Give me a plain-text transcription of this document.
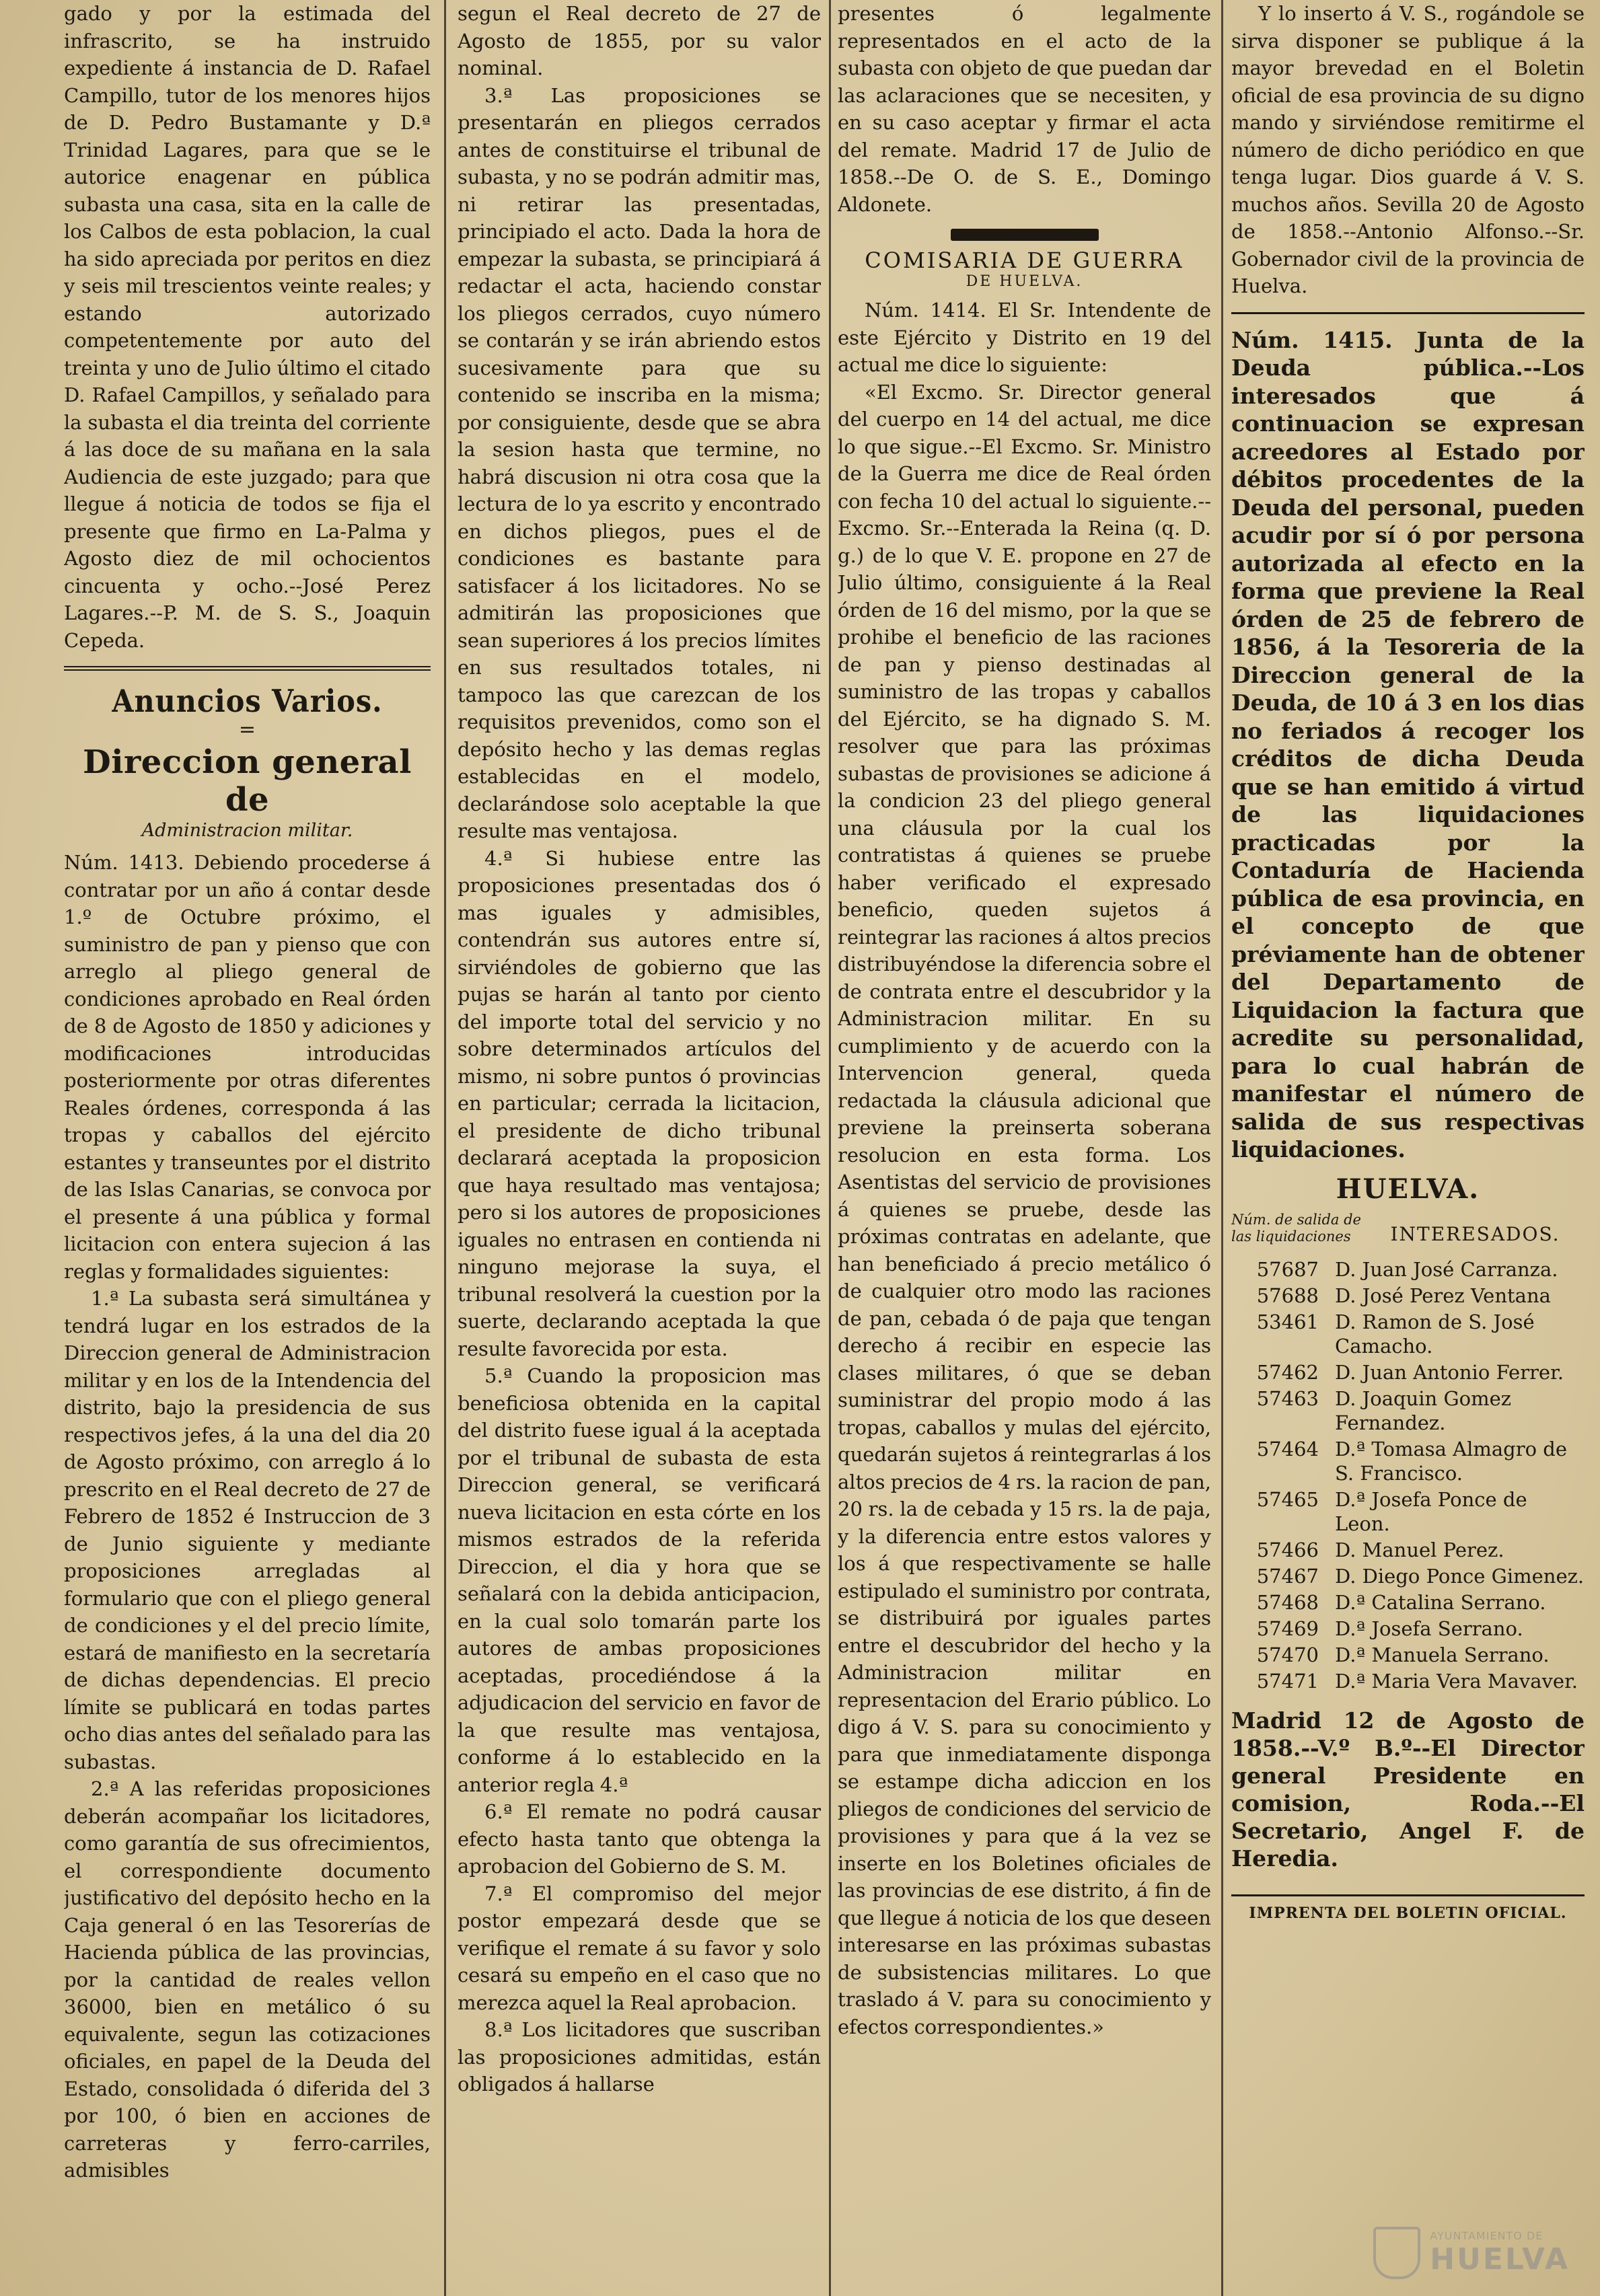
gado y por la estimada del infrascrito, se ha instruido expediente á instancia de D. Rafael Campillo, tutor de los menores hijos de D. Pedro Bustamante y D.ª Trinidad Lagares, para que se le autorice enagenar en pública subasta una casa, sita en la calle de los Calbos de esta poblacion, la cual ha sido apreciada por peritos en diez y seis mil trescientos veinte reales; y estando autorizado competentemente por auto del treinta y uno de Julio último el citado D. Rafael Campillos, y señalado para la subasta el dia treinta del corriente á las doce de su mañana en la sala Audiencia de este juzgado; para que llegue á noticia de todos se fija el presente que firmo en La-Palma y Agosto diez de mil ochocientos cincuenta y ocho.--José Perez Lagares.--P. M. de S. S., Joaquin Cepeda.

Anuncios Varios.
=
Direccion general de
Administracion militar.

Núm. 1413. Debiendo procederse á contratar por un año á contar desde 1.º de Octubre próximo, el suministro de pan y pienso que con arreglo al pliego general de condiciones aprobado en Real órden de 8 de Agosto de 1850 y adiciones y modificaciones introducidas posteriormente por otras diferentes Reales órdenes, corresponda á las tropas y caballos del ejército estantes y transeuntes por el distrito de las Islas Canarias, se convoca por el presente á una pública y formal licitacion con entera sujecion á las reglas y formalidades siguientes:

1.ª La subasta será simultánea y tendrá lugar en los estrados de la Direccion general de Administracion militar y en los de la Intendencia del distrito, bajo la presidencia de sus respectivos jefes, á la una del dia 20 de Agosto próximo, con arreglo á lo prescrito en el Real decreto de 27 de Febrero de 1852 é Instruccion de 3 de Junio siguiente y mediante proposiciones arregladas al formulario que con el pliego general de condiciones y el del precio límite, estará de manifiesto en la secretaría de dichas dependencias. El precio límite se publicará en todas partes ocho dias antes del señalado para las subastas.

2.ª A las referidas proposiciones deberán acompañar los licitadores, como garantía de sus ofrecimientos, el correspondiente documento justificativo del depósito hecho en la Caja general ó en las Tesorerías de Hacienda pública de las provincias, por la cantidad de reales vellon 36000, bien en metálico ó su equivalente, segun las cotizaciones oficiales, en papel de la Deuda del Estado, consolidada ó diferida del 3 por 100, ó bien en acciones de carreteras y ferro-carriles, admisibles

segun el Real decreto de 27 de Agosto de 1855, por su valor nominal.

3.ª Las proposiciones se presentarán en pliegos cerrados antes de constituirse el tribunal de subasta, y no se podrán admitir mas, ni retirar las presentadas, principiado el acto. Dada la hora de empezar la subasta, se principiará á redactar el acta, haciendo constar los pliegos cerrados, cuyo número se contarán y se irán abriendo estos sucesivamente para que su contenido se inscriba en la misma; por consiguiente, desde que se abra la sesion hasta que termine, no habrá discusion ni otra cosa que la lectura de lo ya escrito y encontrado en dichos pliegos, pues el de condiciones es bastante para satisfacer á los licitadores. No se admitirán las proposiciones que sean superiores á los precios límites en sus resultados totales, ni tampoco las que carezcan de los requisitos prevenidos, como son el depósito hecho y las demas reglas establecidas en el modelo, declarándose solo aceptable la que resulte mas ventajosa.

4.ª Si hubiese entre las proposiciones presentadas dos ó mas iguales y admisibles, contendrán sus autores entre sí, sirviéndoles de gobierno que las pujas se harán al tanto por ciento del importe total del servicio y no sobre determinados artículos del mismo, ni sobre puntos ó provincias en particular; cerrada la licitacion, el presidente de dicho tribunal declarará aceptada la proposicion que haya resultado mas ventajosa; pero si los autores de proposiciones iguales no entrasen en contienda ni ninguno mejorase la suya, el tribunal resolverá la cuestion por la suerte, declarando aceptada la que resulte favorecida por esta.

5.ª Cuando la proposicion mas beneficiosa obtenida en la capital del distrito fuese igual á la aceptada por el tribunal de subasta de esta Direccion general, se verificará nueva licitacion en esta córte en los mismos estrados de la referida Direccion, el dia y hora que se señalará con la debida anticipacion, en la cual solo tomarán parte los autores de ambas proposiciones aceptadas, procediéndose á la adjudicacion del servicio en favor de la que resulte mas ventajosa, conforme á lo establecido en la anterior regla 4.ª

6.ª El remate no podrá causar efecto hasta tanto que obtenga la aprobacion del Gobierno de S. M.

7.ª El compromiso del mejor postor empezará desde que se verifique el remate á su favor y solo cesará su empeño en el caso que no merezca aquel la Real aprobacion.

8.ª Los licitadores que suscriban las proposiciones admitidas, están obligados á hallarse

presentes ó legalmente representados en el acto de la subasta con objeto de que puedan dar las aclaraciones que se necesiten, y en su caso aceptar y firmar el acta del remate. Madrid 17 de Julio de 1858.--De O. de S. E., Domingo Aldonete.

COMISARIA DE GUERRA
DE HUELVA.

Núm. 1414. El Sr. Intendente de este Ejército y Distrito en 19 del actual me dice lo siguiente:

«El Excmo. Sr. Director general del cuerpo en 14 del actual, me dice lo que sigue.--El Excmo. Sr. Ministro de la Guerra me dice de Real órden con fecha 10 del actual lo siguiente.--Excmo. Sr.--Enterada la Reina (q. D. g.) de lo que V. E. propone en 27 de Julio último, consiguiente á la Real órden de 16 del mismo, por la que se prohibe el beneficio de las raciones de pan y pienso destinadas al suministro de las tropas y caballos del Ejército, se ha dignado S. M. resolver que para las próximas subastas de provisiones se adicione á la condicion 23 del pliego general una cláusula por la cual los contratistas á quienes se pruebe haber verificado el expresado beneficio, queden sujetos á reintegrar las raciones á altos precios distribuyéndose la diferencia sobre el de contrata entre el descubridor y la Administracion militar. En su cumplimiento y de acuerdo con la Intervencion general, queda redactada la cláusula adicional que previene la preinserta soberana resolucion en esta forma. Los Asentistas del servicio de provisiones á quienes se pruebe, desde las próximas contratas en adelante, que han beneficiado á precio metálico ó de cualquier otro modo las raciones de pan, cebada ó de paja que tengan derecho á recibir en especie las clases militares, ó que se deban suministrar del propio modo á las tropas, caballos y mulas del ejército, quedarán sujetos á reintegrarlas á los altos precios de 4 rs. la racion de pan, 20 rs. la de cebada y 15 rs. la de paja, y la diferencia entre estos valores y los á que respectivamente se halle estipulado el suministro por contrata, se distribuirá por iguales partes entre el descubridor del hecho y la Administracion militar en representacion del Erario público. Lo digo á V. S. para su conocimiento y para que inmediatamente disponga se estampe dicha adiccion en los pliegos de condiciones del servicio de provisiones y para que á la vez se inserte en los Boletines oficiales de las provincias de ese distrito, á fin de que llegue á noticia de los que deseen interesarse en las próximas subastas de subsistencias militares. Lo que traslado á V. para su conocimiento y efectos correspondientes.»

Y lo inserto á V. S., rogándole se sirva disponer se publique á la mayor brevedad en el Boletin oficial de esa provincia de su digno mando y sirviéndose remitirme el número de dicho periódico en que tenga lugar. Dios guarde á V. S. muchos años. Sevilla 20 de Agosto de 1858.--Antonio Alfonso.--Sr. Gobernador civil de la provincia de Huelva.

Núm. 1415. Junta de la Deuda pública.--Los interesados que á continuacion se expresan acreedores al Estado por débitos procedentes de la Deuda del personal, pueden acudir por sí ó por persona autorizada al efecto en la forma que previene la Real órden de 25 de febrero de 1856, á la Tesoreria de la Direccion general de la Deuda, de 10 á 3 en los dias no feriados á recoger los créditos de dicha Deuda que se han emitido á virtud de las liquidaciones practicadas por la Contaduría de Hacienda pública de esa provincia, en el concepto de que préviamente han de obtener del Departamento de Liquidacion la factura que acredite su personalidad, para lo cual habrán de manifestar el número de salida de sus respectivas liquidaciones.

HUELVA.
Núm. de salida de las liquidaciones	INTERESADOS.
57687 D. Juan José Carranza.
57688 D. José Perez Ventana
53461 D. Ramon de S. José Camacho.
57462 D. Juan Antonio Ferrer.
57463 D. Joaquin Gomez Fernandez.
57464 D.ª Tomasa Almagro de S. Francisco.
57465 D.ª Josefa Ponce de Leon.
57466 D. Manuel Perez.
57467 D. Diego Ponce Gimenez.
57468 D.ª Catalina Serrano.
57469 D.ª Josefa Serrano.
57470 D.ª Manuela Serrano.
57471 D.ª Maria Vera Mavaver.

Madrid 12 de Agosto de 1858.--V.º B.º--El Director general Presidente en comision, Roda.--El Secretario, Angel F. de Heredia.

IMPRENTA DEL BOLETIN OFICIAL.
AYUNTAMIENTO DE
HUELVA
